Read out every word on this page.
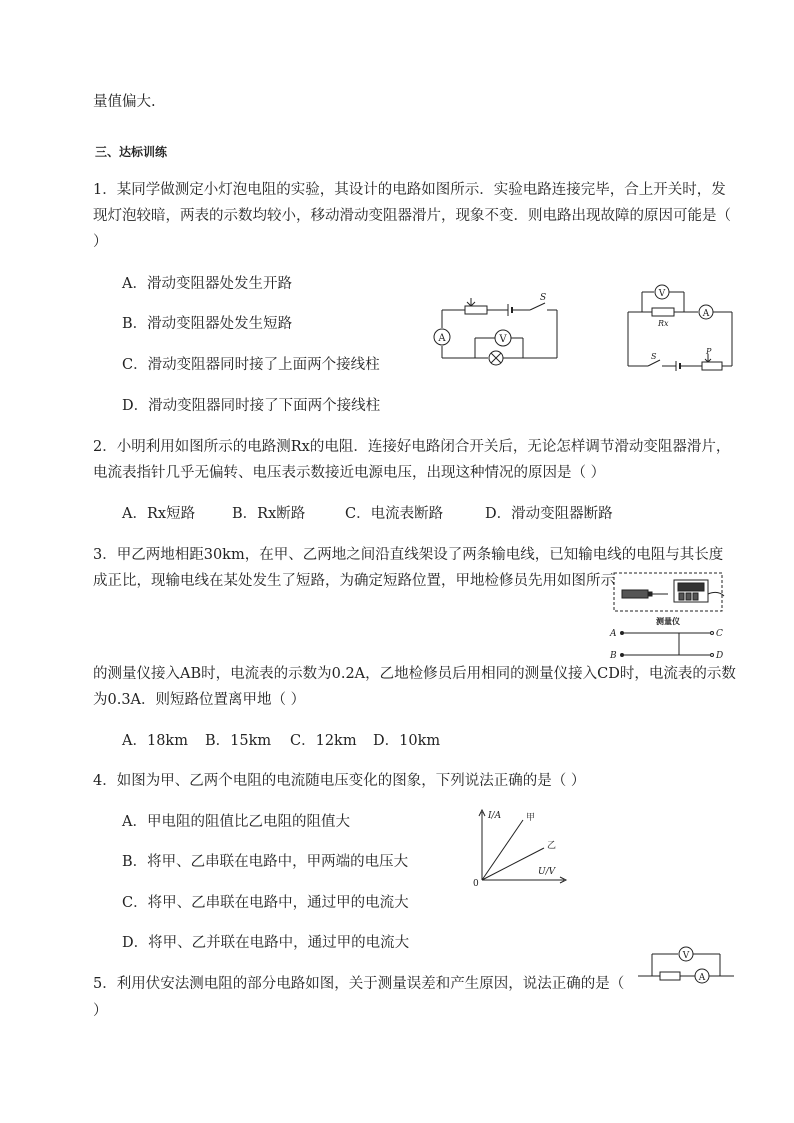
量值偏大.
三、达标训练
1．某同学做测定小灯泡电阻的实验，其设计的电路如图所示．实验电路连接完毕，合上开关时，发
现灯泡较暗，两表的示数均较小，移动滑动变阻器滑片，现象不变．则电路出现故障的原因可能是（
）
A．滑动变阻器处发生开路
B．滑动变阻器处发生短路
C．滑动变阻器同时接了上面两个接线柱
D．滑动变阻器同时接了下面两个接线柱
2．小明利用如图所示的电路测Rx的电阻．连接好电路闭合开关后，无论怎样调节滑动变阻器滑片，
电流表指针几乎无偏转、电压表示数接近电源电压，出现这种情况的原因是（ ）
A．Rx短路	B．Rx断路	C．电流表断路	D．滑动变阻器断路
3．甲乙两地相距30km，在甲、乙两地之间沿直线架设了两条输电线，已知输电线的电阻与其长度
成正比，现输电线在某处发生了短路，为确定短路位置，甲地检修员先用如图所示
的测量仪接入AB时，电流表的示数为0.2A，乙地检修员后用相同的测量仪接入CD时，电流表的示数
为0.3A．则短路位置离甲地（ ）
A．18km B．15km C．12km D．10km
4．如图为甲、乙两个电阻的电流随电压变化的图象，下列说法正确的是（ ）
A．甲电阻的阻值比乙电阻的阻值大
B．将甲、乙串联在电路中，甲两端的电压大
C．将甲、乙串联在电路中，通过甲的电流大
D．将甲、乙并联在电路中，通过甲的电流大
5．利用伏安法测电阻的部分电路如图，关于测量误差和产生原因，说法正确的是（
）
A
S
V
Rx
V
A
S
P
测量仪
A	C
B	D
I/A
U/V
0
甲
乙
A
V
